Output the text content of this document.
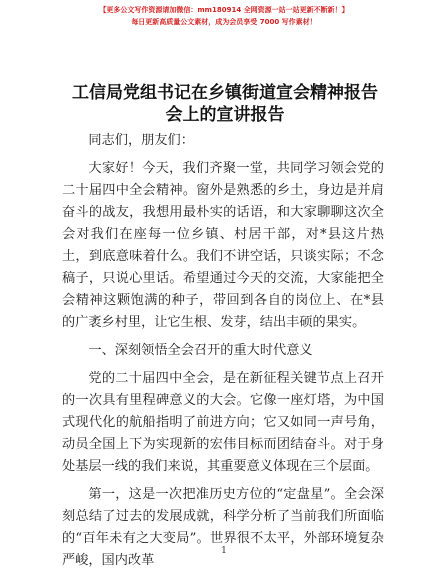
【更多公文写作资源请加微信：mm180914 全网资源一站一站更新不断新！】
每日更新高质量公文素材，成为会员享受 7000 写作素材！
工信局党组书记在乡镇街道宣会精神报告会上的宣讲报告

同志们，朋友们：

大家好！今天，我们齐聚一堂，共同学习领会党的二十届四中全会精神。窗外是熟悉的乡土，身边是并肩奋斗的战友，我想用最朴实的话语，和大家聊聊这次全会对我们在座每一位乡镇、村居干部，对*县这片热土，到底意味着什么。我们不讲空话，只谈实际；不念稿子，只说心里话。希望通过今天的交流，大家能把全会精神这颗饱满的种子，带回到各自的岗位上、在*县的广袤乡村里，让它生根、发芽，结出丰硕的果实。

一、深刻领悟全会召开的重大时代意义

党的二十届四中全会，是在新征程关键节点上召开的一次具有里程碑意义的大会。它像一座灯塔，为中国式现代化的航船指明了前进方向；它又如同一声号角，动员全国上下为实现新的宏伟目标而团结奋斗。对于身处基层一线的我们来说，其重要意义体现在三个层面。

第一，这是一次把准历史方位的“定盘星”。全会深刻总结了过去的发展成就，科学分析了当前我们所面临的“百年未有之大变局”。世界很不太平，外部环境复杂严峻，国内改革

1
